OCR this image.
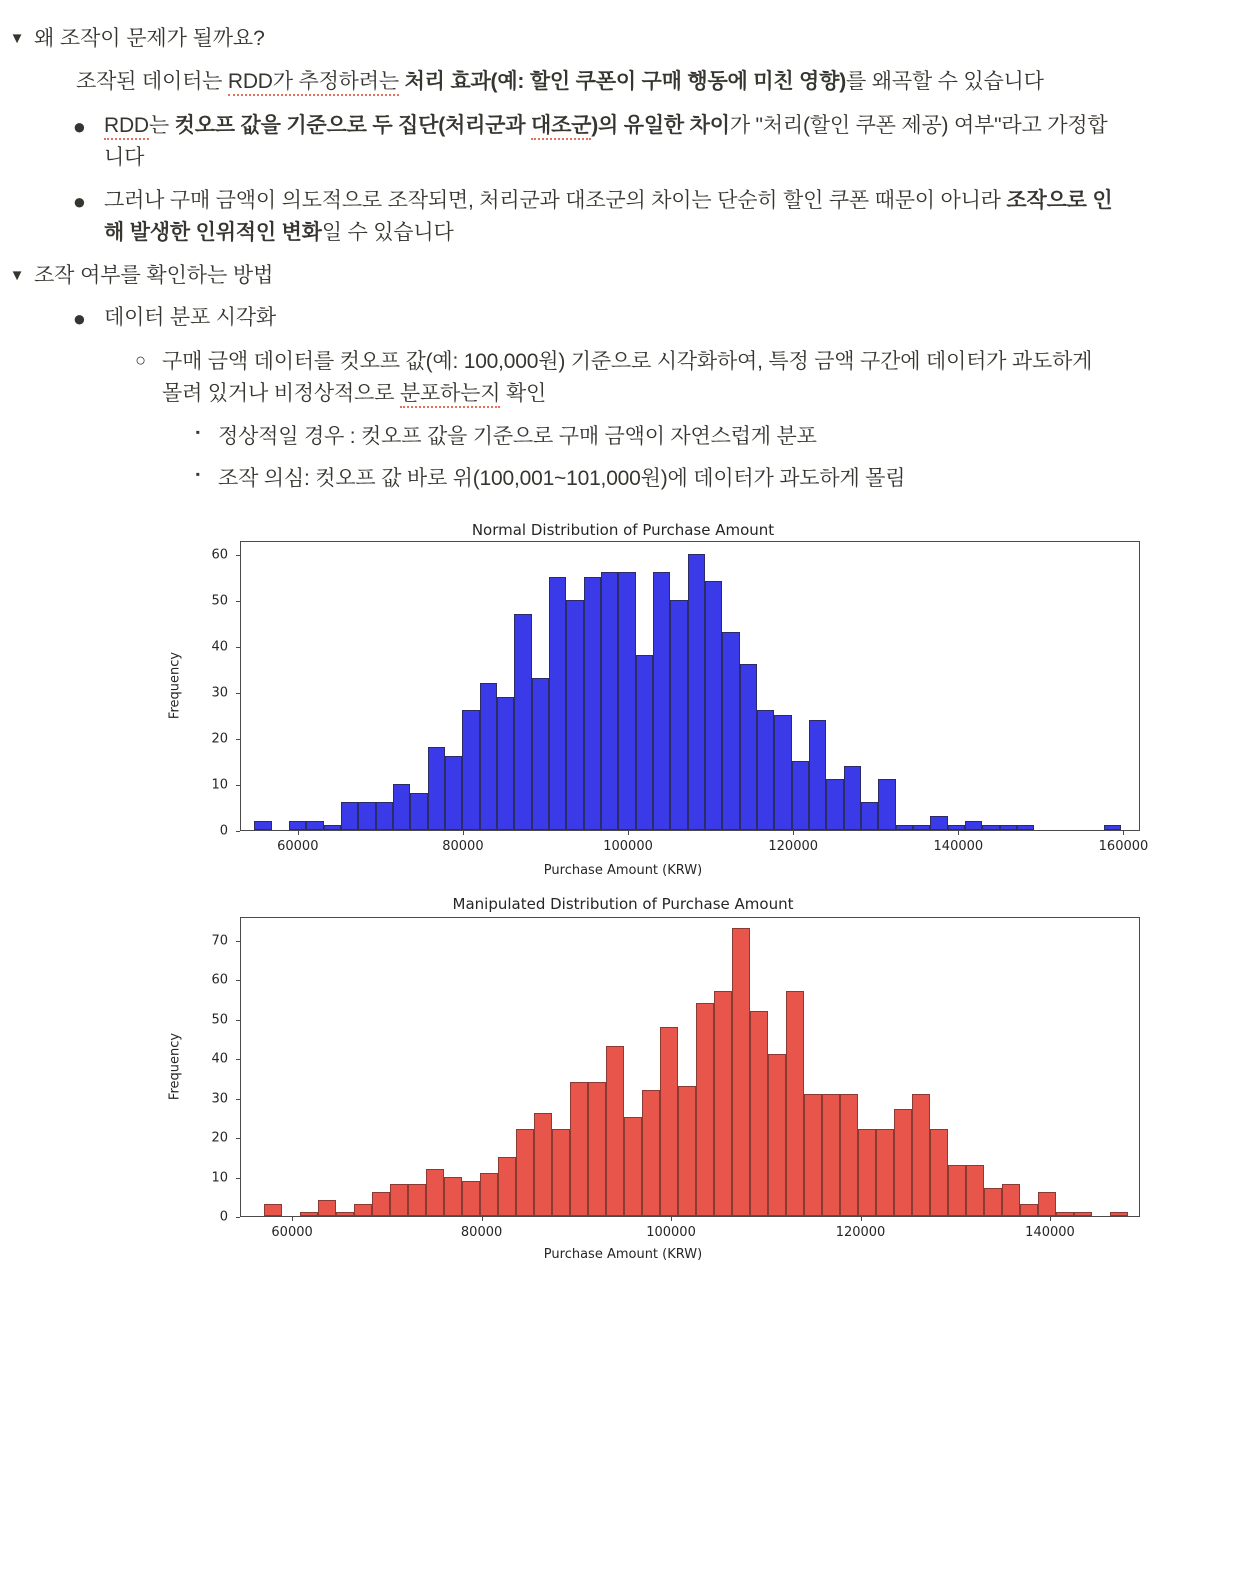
▼ 왜 조작이 문제가 될까요?
조작된 데이터는 RDD가 추정하려는 처리 효과(예: 할인 쿠폰이 구매 행동에 미친 영향)를 왜곡할 수 있습니다
● RDD는 컷오프 값을 기준으로 두 집단(처리군과 대조군)의 유일한 차이가 "처리(할인 쿠폰 제공) 여부"라고 가정합니다
● 그러나 구매 금액이 의도적으로 조작되면, 처리군과 대조군의 차이는 단순히 할인 쿠폰 때문이 아니라 조작으로 인해 발생한 인위적인 변화일 수 있습니다
▼ 조작 여부를 확인하는 방법
● 데이터 분포 시각화
○ 구매 금액 데이터를 컷오프 값(예: 100,000원) 기준으로 시각화하여, 특정 금액 구간에 데이터가 과도하게 몰려 있거나 비정상적으로 분포하는지 확인
▪ 정상적일 경우 : 컷오프 값을 기준으로 구매 금액이 자연스럽게 분포
▪ 조작 의심: 컷오프 값 바로 위(100,001~101,000원)에 데이터가 과도하게 몰림
Normal Distribution of Purchase Amount
0
10
20
30
40
50
60
Frequency
60000	80000	100000	120000	140000	160000
Purchase Amount (KRW)
Manipulated Distribution of Purchase Amount
0
10
20
30
40
50
60
70
Frequency
60000	80000	100000	120000	140000
Purchase Amount (KRW)
